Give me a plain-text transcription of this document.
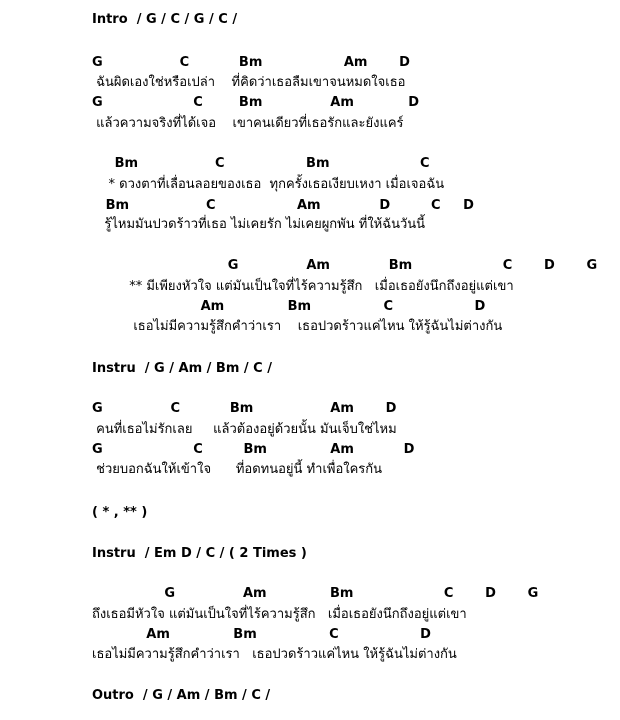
Intro  / G / C / G / C /

G                 C           Bm                  Am       D

ฉันผิดเองใช่หรือเปล่า    ที่คิดว่าเธอลืมเขาจนหมดใจเธอ

G                    C        Bm               Am            D

แล้วความจริงที่ได้เจอ    เขาคนเดียวที่เธอรักและยังแคร์

Bm                 C                  Bm                    C

* ดวงตาที่เลื่อนลอยของเธอ  ทุกครั้งเธอเงียบเหงา เมื่อเจอฉัน

Bm                 C                  Am             D         C     D

รู้ไหมมันปวดร้าวที่เธอ ไม่เคยรัก ไม่เคยผูกพัน ที่ให้ฉันวันนี้

G               Am             Bm                    C       D       G

** มีเพียงหัวใจ แต่มันเป็นใจที่ไร้ความรู้สึก   เมื่อเธอยังนึกถึงอยู่แต่เขา

Am              Bm                C                  D

เธอไม่มีความรู้สึกคำว่าเรา    เธอปวดร้าวแค่ไหน ให้รู้ฉันไม่ต่างกัน

Instru  / G / Am / Bm / C /

G               C           Bm                 Am       D

คนที่เธอไม่รักเลย     แล้วต้องอยู่ด้วยนั้น มันเจ็บใช่ไหม

G                    C         Bm              Am           D

ช่วยบอกฉันให้เข้าใจ      ที่อดทนอยู่นี้ ทำเพื่อใครกัน

( * , ** )

Instru  / Em D / C / ( 2 Times )

G               Am              Bm                    C       D       G

ถึงเธอมีหัวใจ แต่มันเป็นใจที่ไร้ความรู้สึก   เมื่อเธอยังนึกถึงอยู่แต่เขา

Am              Bm                C                  D

เธอไม่มีความรู้สึกคำว่าเรา   เธอปวดร้าวแค่ไหน ให้รู้ฉันไม่ต่างกัน

Outro  / G / Am / Bm / C /
